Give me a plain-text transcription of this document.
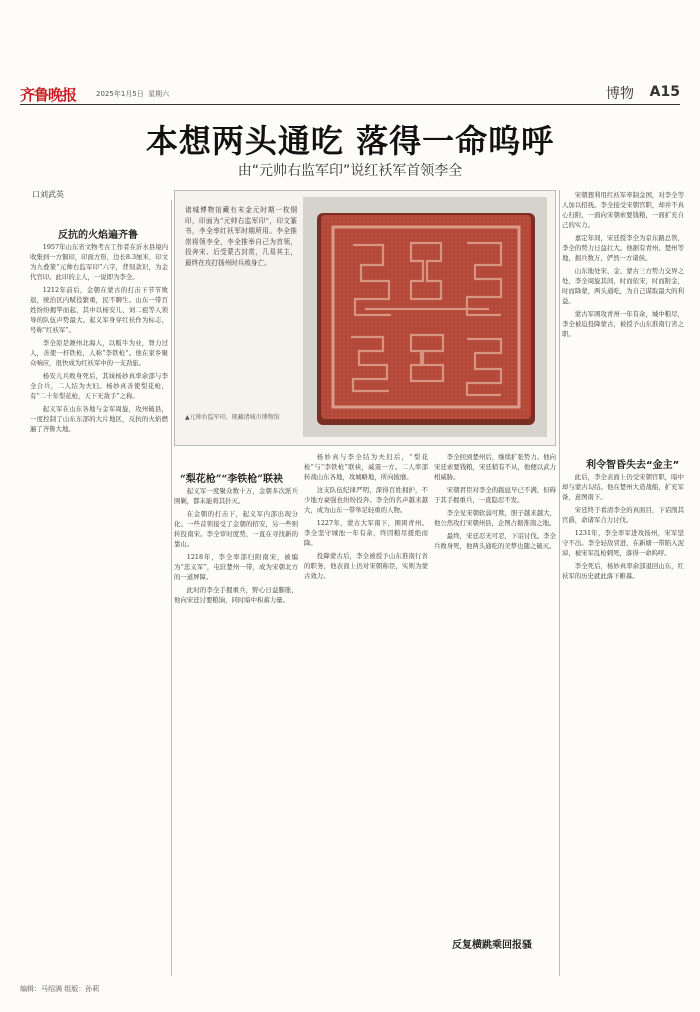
齐鲁晚报	2025年1月5日 星期六	博物 A15
本想两头通吃 落得一命呜呼
由“元帅右监军印”说红袄军首领李全
口刘武英
反抗的火焰遍齐鲁

1957年山东省文物考古工作者在沂水县境内收集到一方铜印，印面方形，边长8.3厘米，印文为九叠篆“元帅右监军印”六字，背刻款识，为金代官印。此印的主人，一说即为李全。

1212年前后，金朝在蒙古的打击下节节败退，统治区内赋役繁重，民不聊生。山东一带百姓纷纷揭竿而起，其中以杨安儿、刘二祖等人领导的队伍声势最大。起义军身穿红袄作为标志，号称“红袄军”。

李全原是潍州北海人，以贩牛为业，膂力过人，善使一杆铁枪，人称“李铁枪”。他在家乡聚众响应，很快成为红袄军中的一支劲旅。

杨安儿兵败身死后，其妹杨妙真率余部与李全合兵，二人结为夫妇。杨妙真善使梨花枪，有“二十年梨花枪，天下无敌手”之称。

起义军在山东各地与金军周旋，攻州破县，一度控制了山东东部的大片地区，反抗的火焰燃遍了齐鲁大地。

诸城博物馆藏有末金元时期一枚铜印，印面为“元帅右监军印”，印文篆书，李全率红袄军时期所用。李全推崇将领李全，李全推举自己为首领，投奔宋、后受蒙古封赏，几易其主，最终在攻打扬州时兵败身亡。
▲元帅右监军印，现藏诸城市博物馆

宋朝想利用红袄军牵制金国，对李全等人加以招抚。李全接受宋朝官职，却并不真心归附，一面向宋朝索要钱粮，一面扩充自己的实力。

嘉定年间，宋廷授李全为京东路总管，李全的势力日益壮大。他据有青州、楚州等地，拥兵数万，俨然一方诸侯。

山东地处宋、金、蒙古三方势力交界之处，李全周旋其间，时而依宋，时而附金，时而降蒙，两头通吃，为自己谋取最大的利益。

蒙古军围攻青州一年有余，城中粮尽，李全被迫投降蒙古，被授予山东淮南行省之职。

利令智昏失去“金主”

此后，李全表面上仍受宋朝官职，暗中却与蒙古勾结。他在楚州大造战船，扩充军备，意图南下。

宋廷终于看清李全的真面目，下诏削其官爵，命诸军合力讨伐。

1231年，李全率军进攻扬州，宋军坚守不出。李全轻敌冒进，在新塘一带陷入泥淖，被宋军乱枪刺死，落得一命呜呼。

李全死后，杨妙真率余部退回山东，红袄军的历史就此落下帷幕。

起义军一度聚众数十万，金朝多次派兵围剿，都未能将其扑灭。

在金朝的打击下，起义军内部出现分化。一些首领接受了金朝的招安，另一些则转投南宋。李全审时度势，一直在寻找新的靠山。

1218年，李全率部归附南宋，被编为“忠义军”，屯驻楚州一带，成为宋朝北方的一道屏障。

此时的李全手握重兵，野心日益膨胀，他向宋廷讨要粮饷，同时暗中积蓄力量。

“梨花枪”“李铁枪”联袂

杨妙真与李全结为夫妇后，“梨花枪”与“李铁枪”联袂，威震一方。二人率部转战山东各地，攻城略地，所向披靡。

这支队伍纪律严明，深得百姓拥护，不少地方豪强也纷纷投奔。李全的名声越来越大，成为山东一带举足轻重的人物。

1227年，蒙古大军南下，围困青州。李全坚守城池一年有余，终因粮尽援绝而降。

投降蒙古后，李全被授予山东淮南行省的职务，他表面上仍对宋朝称臣，实则为蒙古效力。

李全回到楚州后，继续扩张势力。他向宋廷索要钱粮，宋廷稍有不从，他便以武力相威胁。

宋朝君臣对李全的跋扈早已不满，但碍于其手握重兵，一直隐忍不发。

李全见宋朝软弱可欺，胆子越来越大，他公然攻打宋朝州县，企图占据淮南之地。

最终，宋廷忍无可忍，下诏讨伐。李全兵败身死，他两头通吃的美梦也随之破灭。

反复横跳乘回报骚
编辑：马绍满 组版：孙莉
